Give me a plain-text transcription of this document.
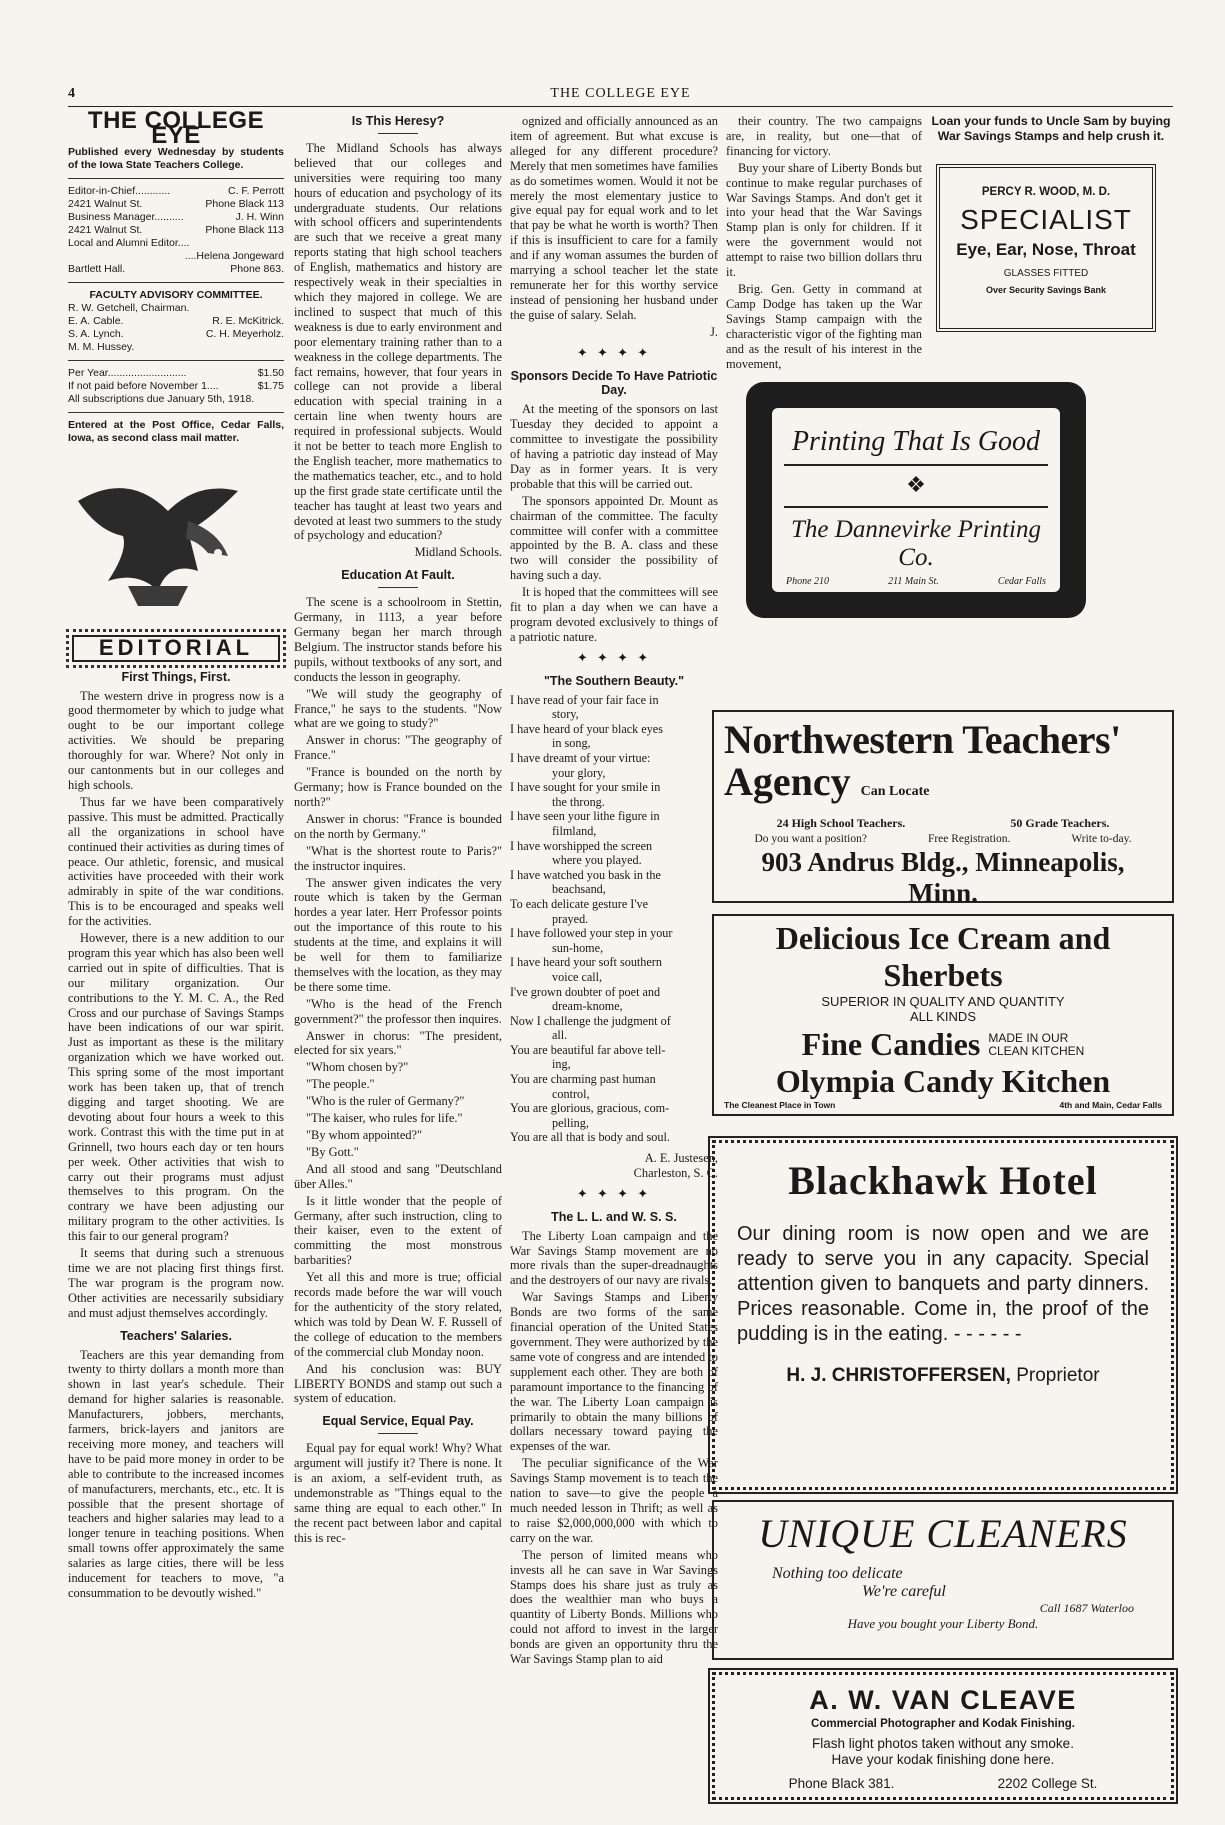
4	THE COLLEGE EYE
THE COLLEGE EYE
Published every Wednesday by students of the Iowa State Teachers College.
Editor-in-Chief............	C. F. Perrott
2421 Walnut St.	Phone Black 113
Business Manager..........	J. H. Winn
2421 Walnut St.	Phone Black 113
Local and Alumni Editor....
....Helena Jongeward
Bartlett Hall.	Phone 863.
FACULTY ADVISORY COMMITTEE.
R. W. Getchell, Chairman.
E. A. Cable.	R. E. McKitrick.
S. A. Lynch.	C. H. Meyerholz.
M. M. Hussey.
Per Year...........................	$1.50
If not paid before November 1....	$1.75
All subscriptions due January 5th, 1918.
Entered at the Post Office, Cedar Falls, Iowa, as second class mail matter.
EDITORIAL
First Things, First.

The western drive in progress now is a good thermometer by which to judge what ought to be our important college activities. We should be preparing thoroughly for war. Where? Not only in our cantonments but in our colleges and high schools.

Thus far we have been comparatively passive. This must be admitted. Practically all the organizations in school have continued their activities as during times of peace. Our athletic, forensic, and musical activities have proceeded with their work admirably in spite of the war conditions. This is to be encouraged and speaks well for the activities.

However, there is a new addition to our program this year which has also been well carried out in spite of difficulties. That is our military organization. Our contributions to the Y. M. C. A., the Red Cross and our purchase of Savings Stamps have been indications of our war spirit. Just as important as these is the military organization which we have worked out. This spring some of the most important work has been taken up, that of trench digging and target shooting. We are devoting about four hours a week to this work. Contrast this with the time put in at Grinnell, two hours each day or ten hours per week. Other activities that wish to carry out their programs must adjust themselves to this program. On the contrary we have been adjusting our military program to the other activities. Is this fair to our general program?

It seems that during such a strenuous time we are not placing first things first. The war program is the program now. Other activities are necessarily subsidiary and must adjust themselves accordingly.

Teachers' Salaries.

Teachers are this year demanding from twenty to thirty dollars a month more than shown in last year's schedule. Their demand for higher salaries is reasonable. Manufacturers, jobbers, merchants, farmers, brick-layers and janitors are receiving more money, and teachers will have to be paid more money in order to be able to contribute to the increased incomes of manufacturers, merchants, etc., etc. It is possible that the present shortage of teachers and higher salaries may lead to a longer tenure in teaching positions. When small towns offer approximately the same salaries as large cities, there will be less inducement for teachers to move, "a consummation to be devoutly wished."

Is This Heresy?

The Midland Schools has always believed that our colleges and universities were requiring too many hours of education and psychology of its undergraduate students. Our relations with school officers and superintendents are such that we receive a great many reports stating that high school teachers of English, mathematics and history are respectively weak in their specialties in which they majored in college. We are inclined to suspect that much of this weakness is due to early environment and poor elementary training rather than to a weakness in the college departments. The fact remains, however, that four years in college can not provide a liberal education with special training in a certain line when twenty hours are required in professional subjects. Would it not be better to teach more English to the English teacher, more mathematics to the mathematics teacher, etc., and to hold up the first grade state certificate until the teacher has taught at least two years and devoted at least two summers to the study of psychology and education?

Midland Schools.
Education At Fault.

The scene is a schoolroom in Stettin, Germany, in 1113, a year before Germany began her march through Belgium. The instructor stands before his pupils, without textbooks of any sort, and conducts the lesson in geography.

"We will study the geography of France," he says to the students. "Now what are we going to study?"

Answer in chorus: "The geography of France."

"France is bounded on the north by Germany; how is France bounded on the north?"

Answer in chorus: "France is bounded on the north by Germany."

"What is the shortest route to Paris?" the instructor inquires.

The answer given indicates the very route which is taken by the German hordes a year later. Herr Professor points out the importance of this route to his students at the time, and explains it will be well for them to familiarize themselves with the location, as they may be there some time.

"Who is the head of the French government?" the professor then inquires.

Answer in chorus: "The president, elected for six years."

"Whom chosen by?"

"The people."

"Who is the ruler of Germany?"

"The kaiser, who rules for life."

"By whom appointed?"

"By Gott."

And all stood and sang "Deutschland über Alles."

Is it little wonder that the people of Germany, after such instruction, cling to their kaiser, even to the extent of committing the most monstrous barbarities?

Yet all this and more is true; official records made before the war will vouch for the authenticity of the story related, which was told by Dean W. F. Russell of the college of education to the members of the commercial club Monday noon.

And his conclusion was: BUY LIBERTY BONDS and stamp out such a system of education.

Equal Service, Equal Pay.

Equal pay for equal work! Why? What argument will justify it? There is none. It is an axiom, a self-evident truth, as undemonstrable as "Things equal to the same thing are equal to each other." In the recent pact between labor and capital this is rec-

ognized and officially announced as an item of agreement. But what excuse is alleged for any different procedure? Merely that men sometimes have families as do sometimes women. Would it not be merely the most elementary justice to give equal pay for equal work and to let that pay be what he worth is worth? Then if this is insufficient to care for a family and if any woman assumes the burden of marrying a school teacher let the state remunerate her for this worthy service instead of pensioning her husband under the guise of salary. Selah.

J.
✦ ✦ ✦ ✦
Sponsors Decide To Have Patriotic Day.

At the meeting of the sponsors on last Tuesday they decided to appoint a committee to investigate the possibility of having a patriotic day instead of May Day as in former years. It is very probable that this will be carried out.

The sponsors appointed Dr. Mount as chairman of the committee. The faculty committee will confer with a committee appointed by the B. A. class and these two will consider the possibility of having such a day.

It is hoped that the committees will see fit to plan a day when we can have a program devoted exclusively to things of a patriotic nature.

✦ ✦ ✦ ✦
"The Southern Beauty."
I have read of your fair face in
story,
I have heard of your black eyes
in song,
I have dreamt of your virtue:
your glory,
I have sought for your smile in
the throng.
I have seen your lithe figure in
filmland,
I have worshipped the screen
where you played.
I have watched you bask in the
beachsand,
To each delicate gesture I've
prayed.
I have followed your step in your
sun-home,
I have heard your soft southern
voice call,
I've grown doubter of poet and
dream-knome,
Now I challenge the judgment of
all.
You are beautiful far above tell-
ing,
You are charming past human
control,
You are glorious, gracious, com-
pelling,
You are all that is body and soul.
A. E. Justesen,
Charleston, S. C.
✦ ✦ ✦ ✦
The L. L. and W. S. S.

The Liberty Loan campaign and the War Savings Stamp movement are no more rivals than the super-dreadnaughts and the destroyers of our navy are rivals.

War Savings Stamps and Liberty Bonds are two forms of the same financial operation of the United States government. They were authorized by the same vote of congress and are intended to supplement each other. They are both of paramount importance to the financing of the war. The Liberty Loan campaign is primarily to obtain the many billions of dollars necessary toward paying the expenses of the war.

The peculiar significance of the War Savings Stamp movement is to teach the nation to save—to give the people a much needed lesson in Thrift; as well as to raise $2,000,000,000 with which to carry on the war.

The person of limited means who invests all he can save in War Savings Stamps does his share just as truly as does the wealthier man who buys a quantity of Liberty Bonds. Millions who could not afford to invest in the larger bonds are given an opportunity thru the War Savings Stamp plan to aid

their country. The two campaigns are, in reality, but one—that of financing for victory.

Buy your share of Liberty Bonds but continue to make regular purchases of War Savings Stamps. And don't get it into your head that the War Savings Stamp plan is only for children. If it were the government would not attempt to raise two billion dollars thru it.

Brig. Gen. Getty in command at Camp Dodge has taken up the War Savings Stamp campaign with the characteristic vigor of the fighting man and as the result of his interest in the movement,

Loan your funds to Uncle Sam by buying War Savings Stamps and help crush it.
PERCY R. WOOD, M. D.
SPECIALIST
Eye, Ear, Nose, Throat
GLASSES FITTED
Over Security Savings Bank
Printing That Is Good
❖
The Dannevirke Printing Co.
Phone 210	211 Main St.	Cedar Falls
Northwestern Teachers'
Agency Can Locate
24 High School Teachers.	50 Grade Teachers.
Do you want a position?	Free Registration.	Write to-day.
903 Andrus Bldg., Minneapolis, Minn.
Delicious Ice Cream and Sherbets
SUPERIOR IN QUALITY AND QUANTITY
ALL KINDS
Fine Candies MADE IN OUR
CLEAN KITCHEN
Olympia Candy Kitchen
The Cleanest Place in Town	4th and Main, Cedar Falls
Blackhawk Hotel
Our dining room is now open and we are ready to serve you in any capacity. Special attention given to banquets and party dinners. Prices reasonable. Come in, the proof of the pudding is in the eating. - - - - - -
H. J. CHRISTOFFERSEN, Proprietor
UNIQUE CLEANERS
Nothing too delicate
We're careful
Call 1687 Waterloo
Have you bought your Liberty Bond.
A. W. VAN CLEAVE
Commercial Photographer and Kodak Finishing.
Flash light photos taken without any smoke.
Have your kodak finishing done here.
Phone Black 381.	2202 College St.
